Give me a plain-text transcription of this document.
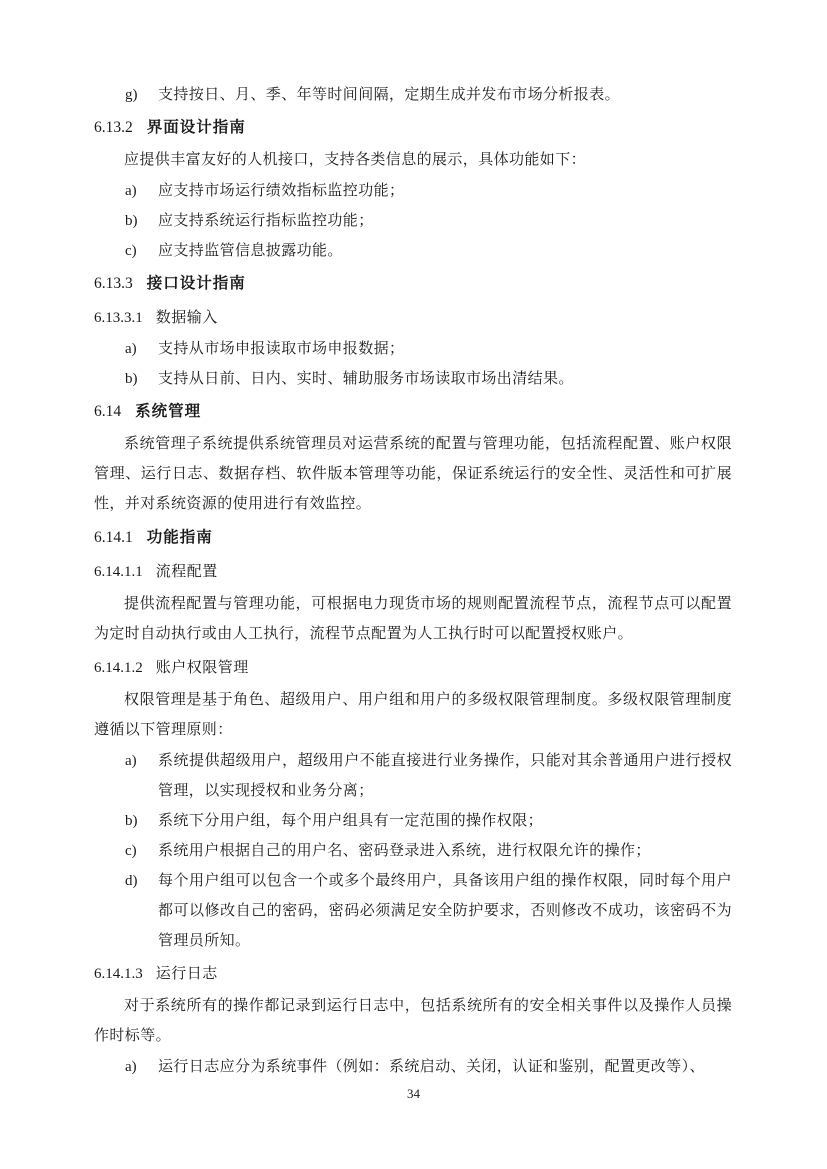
g) 支持按日、月、季、年等时间间隔，定期生成并发布市场分析报表。
6.13.2 界面设计指南
应提供丰富友好的人机接口，支持各类信息的展示，具体功能如下：
a) 应支持市场运行绩效指标监控功能；
b) 应支持系统运行指标监控功能；
c) 应支持监管信息披露功能。
6.13.3 接口设计指南
6.13.3.1 数据输入
a) 支持从市场申报读取市场申报数据；
b) 支持从日前、日内、实时、辅助服务市场读取市场出清结果。
6.14 系统管理
系统管理子系统提供系统管理员对运营系统的配置与管理功能，包括流程配置、账户权限管理、运行日志、数据存档、软件版本管理等功能，保证系统运行的安全性、灵活性和可扩展性，并对系统资源的使用进行有效监控。
6.14.1 功能指南
6.14.1.1 流程配置
提供流程配置与管理功能，可根据电力现货市场的规则配置流程节点，流程节点可以配置为定时自动执行或由人工执行，流程节点配置为人工执行时可以配置授权账户。
6.14.1.2 账户权限管理
权限管理是基于角色、超级用户、用户组和用户的多级权限管理制度。多级权限管理制度遵循以下管理原则：
a) 系统提供超级用户，超级用户不能直接进行业务操作，只能对其余普通用户进行授权管理，以实现授权和业务分离；
b) 系统下分用户组，每个用户组具有一定范围的操作权限；
c) 系统用户根据自己的用户名、密码登录进入系统，进行权限允许的操作；
d) 每个用户组可以包含一个或多个最终用户，具备该用户组的操作权限，同时每个用户都可以修改自己的密码，密码必须满足安全防护要求，否则修改不成功，该密码不为管理员所知。
6.14.1.3 运行日志
对于系统所有的操作都记录到运行日志中，包括系统所有的安全相关事件以及操作人员操作时标等。
a) 运行日志应分为系统事件（例如：系统启动、关闭，认证和鉴别，配置更改等）、
34
